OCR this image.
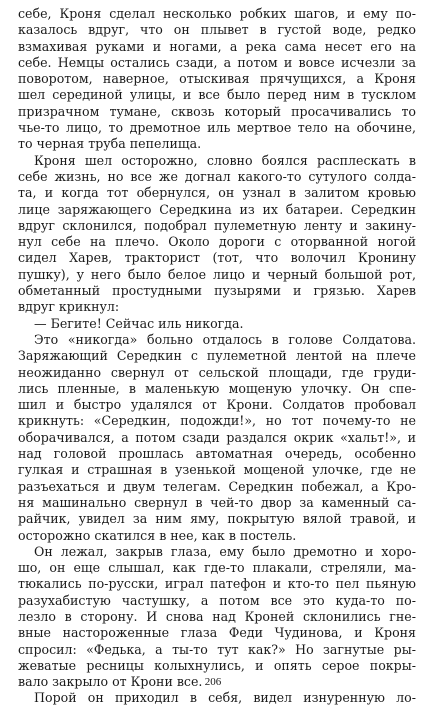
себе, Кроня сделал несколько робких шагов, и ему по-
казалось вдруг, что он плывет в густой воде, редко
взмахивая руками и ногами, а река сама несет его на
себе. Немцы остались сзади, а потом и вовсе исчезли за
поворотом, наверное, отыскивая прячущихся, а Кроня
шел серединой улицы, и все было перед ним в тусклом
призрачном тумане, сквозь который просачивались то
чье-то лицо, то дремотное иль мертвое тело на обочине,
то черная труба пепелища.
Кроня шел осторожно, словно боялся расплескать в
себе жизнь, но все же догнал какого-то сутулого солда-
та, и когда тот обернулся, он узнал в залитом кровью
лице заряжающего Середкина из их батареи. Середкин
вдруг склонился, подобрал пулеметную ленту и закину-
нул себе на плечо. Около дороги с оторванной ногой
сидел Харев, тракторист (тот, что волочил Кронину
пушку), у него было белое лицо и черный большой рот,
обметанный простудными пузырями и грязью. Харев
вдруг крикнул:
— Бегите! Сейчас иль никогда.
Это «никогда» больно отдалось в голове Солдатова.
Заряжающий Середкин с пулеметной лентой на плече
неожиданно свернул от сельской площади, где груди-
лись пленные, в маленькую мощеную улочку. Он спе-
шил и быстро удалялся от Крони. Солдатов пробовал
крикнуть: «Середкин, подожди!», но тот почему-то не
оборачивался, а потом сзади раздался окрик «хальт!», и
над головой прошлась автоматная очередь, особенно
гулкая и страшная в узенькой мощеной улочке, где не
разъехаться и двум телегам. Середкин побежал, а Кро-
ня машинально свернул в чей-то двор за каменный са-
райчик, увидел за ним яму, покрытую вялой травой, и
осторожно скатился в нее, как в постель.
Он лежал, закрыв глаза, ему было дремотно и хоро-
шо, он еще слышал, как где-то плакали, стреляли, ма-
тюкались по-русски, играл патефон и кто-то пел пьяную
разухабистую частушку, а потом все это куда-то по-
лезло в сторону. И снова над Кроней склонились гне-
вные настороженные глаза Феди Чудинова, и Кроня
спросил: «Федька, а ты-то тут как?» Но загнутые ры-
жеватые ресницы колыхнулись, и опять серое покры-
вало закрыло от Крони все.
Порой он приходил в себя, видел изнуренную ло-
206
